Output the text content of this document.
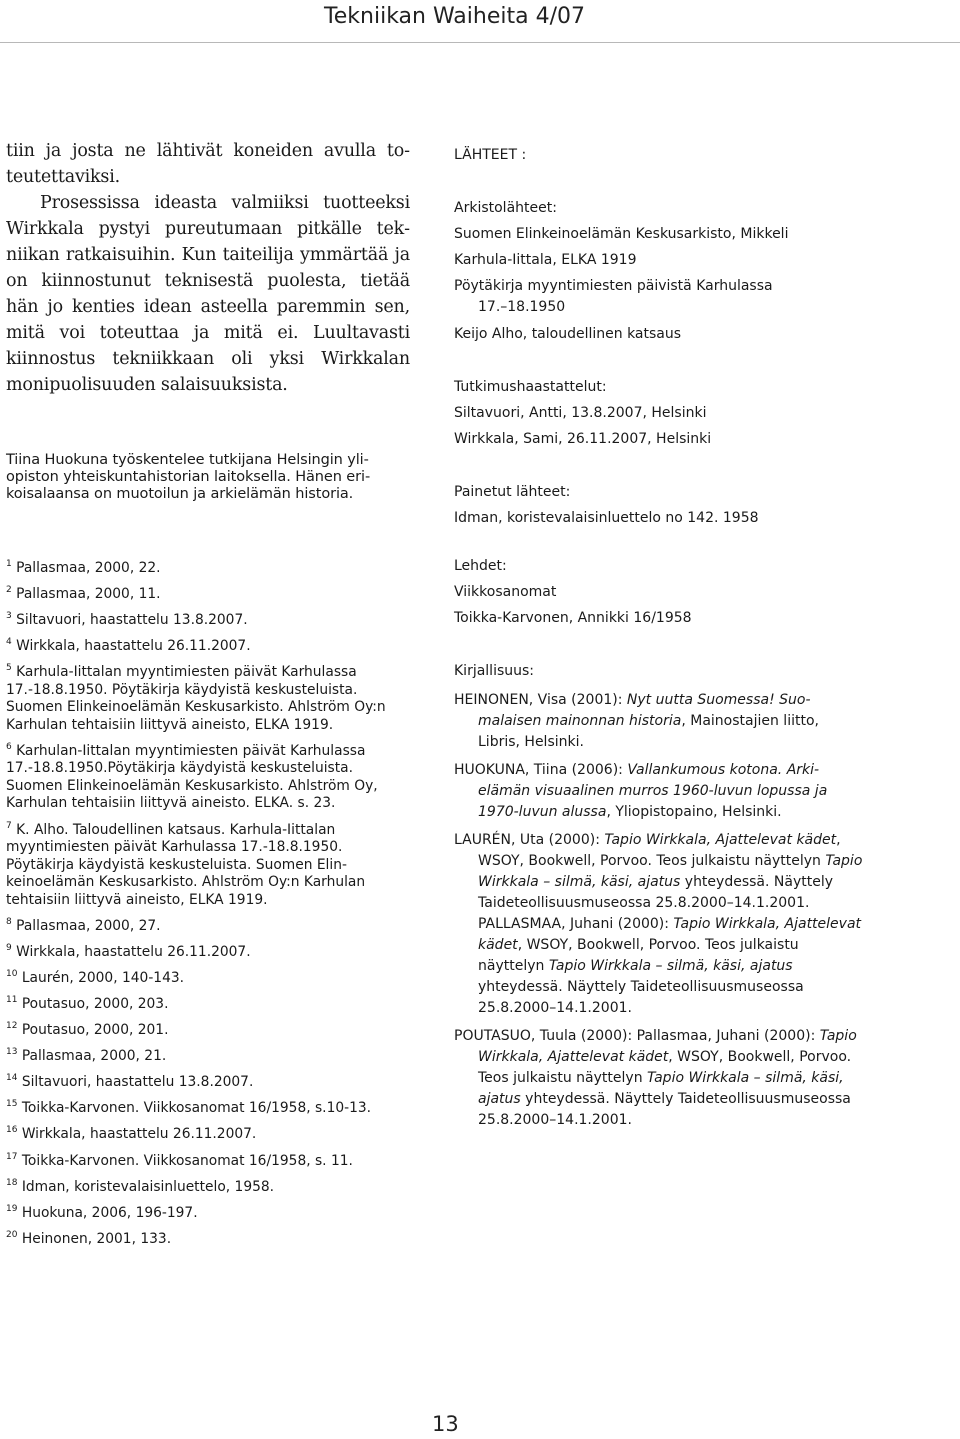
Tekniikan Waiheita 4/07

tiin ja josta ne lähtivät koneiden avulla toteutettaviksi.

Prosessissa ideasta valmiiksi tuotteeksi Wirkkala pystyi pureutumaan pitkälle tekniikan ratkaisuihin. Kun taiteilija ymmärtää ja on kiinnostunut teknisestä puolesta, tietää hän jo kenties idean asteella paremmin sen, mitä voi toteuttaa ja mitä ei. Luultavasti kiinnostus tekniikkaan oli yksi Wirkkalan monipuolisuuden salaisuuksista.

Tiina Huokuna työskentelee tutkijana Helsingin yliopiston yhteiskuntahistorian laitoksella. Hänen erikoisalaansa on muotoilun ja arkielämän historia.

$^1$ Pallasmaa, 2000, 22.

$^2$ Pallasmaa, 2000, 11.

$^3$ Siltavuori, haastattelu 13.8.2007.

$^4$ Wirkkala, haastattelu 26.11.2007.

$^5$ Karhula-Iittalan myyntimiesten päivät Karhulassa 17.-18.8.1950. Pöytäkirja käydyistä keskusteluista. Suomen Elinkeinoelämän Keskusarkisto. Ahlström Oy:n Karhulan tehtaisiin liittyvä aineisto, ELKA 1919.

$^6$ Karhulan-Iittalan myyntimiesten päivät Karhulassa 17.-18.8.1950.Pöytäkirja käydyistä keskusteluista. Suomen Elinkeinoelämän Keskusarkisto. Ahlström Oy, Karhulan tehtaisiin liittyvä aineisto. ELKA. s. 23.

$^7$ K. Alho. Taloudellinen katsaus. Karhula-Iittalan myyntimiesten päivät Karhulassa 17.-18.8.1950. Pöytäkirja käydyistä keskusteluista. Suomen Elinkeinoelämän Keskusarkisto. Ahlström Oy:n Karhulan tehtaisiin liittyvä aineisto, ELKA 1919.

$^8$ Pallasmaa, 2000, 27.

$^9$ Wirkkala, haastattelu 26.11.2007.

$^{10}$ Laurén, 2000, 140-143.

$^{11}$ Poutasuo, 2000, 203.

$^{12}$ Poutasuo, 2000, 201.

$^{13}$ Pallasmaa, 2000, 21.

$^{14}$ Siltavuori, haastattelu 13.8.2007.

$^{15}$ Toikka-Karvonen. Viikkosanomat 16/1958, s.10-13.

$^{16}$ Wirkkala, haastattelu 26.11.2007.

$^{17}$ Toikka-Karvonen. Viikkosanomat 16/1958, s. 11.

$^{18}$ Idman, koristevalaisinluettelo, 1958.

$^{19}$ Huokuna, 2006, 196-197.

$^{20}$ Heinonen, 2001, 133.

LÄHTEET :

Arkistolähteet:

Suomen Elinkeinoelämän Keskusarkisto, Mikkeli

Karhula-Iittala, ELKA 1919

Pöytäkirja myyntimiesten päivistä Karhulassa

17.–18.1950

Keijo Alho, taloudellinen katsaus

Tutkimushaastattelut:

Siltavuori, Antti, 13.8.2007, Helsinki

Wirkkala, Sami, 26.11.2007, Helsinki

Painetut lähteet:

Idman, koristevalaisinluettelo no 142. 1958

Lehdet:

Viikkosanomat

Toikka-Karvonen, Annikki 16/1958

Kirjallisuus:

HEINONEN, Visa (2001): Nyt uutta Suomessa! Suomalaisen mainonnan historia, Mainostajien liitto, Libris, Helsinki.

HUOKUNA, Tiina (2006): Vallankumous kotona. Arkielämän visuaalinen murros 1960-luvun lopussa ja 1970-luvun alussa, Yliopistopaino, Helsinki.

LAURÉN, Uta (2000): Tapio Wirkkala, Ajattelevat kädet, WSOY, Bookwell, Porvoo. Teos julkaistu näyttelyn Tapio Wirkkala – silmä, käsi, ajatus yhteydessä. Näyttely Taideteollisuusmuseossa 25.8.2000–14.1.2001.

PALLASMAA, Juhani (2000): Tapio Wirkkala, Ajattelevat kädet, WSOY, Bookwell, Porvoo. Teos julkaistu näyttelyn Tapio Wirkkala – silmä, käsi, ajatus yhteydessä. Näyttely Taideteollisuusmuseossa 25.8.2000–14.1.2001.

POUTASUO, Tuula (2000): Pallasmaa, Juhani (2000): Tapio Wirkkala, Ajattelevat kädet, WSOY, Bookwell, Porvoo. Teos julkaistu näyttelyn Tapio Wirkkala – silmä, käsi, ajatus yhteydessä. Näyttely Taideteollisuusmuseossa 25.8.2000–14.1.2001.

13
